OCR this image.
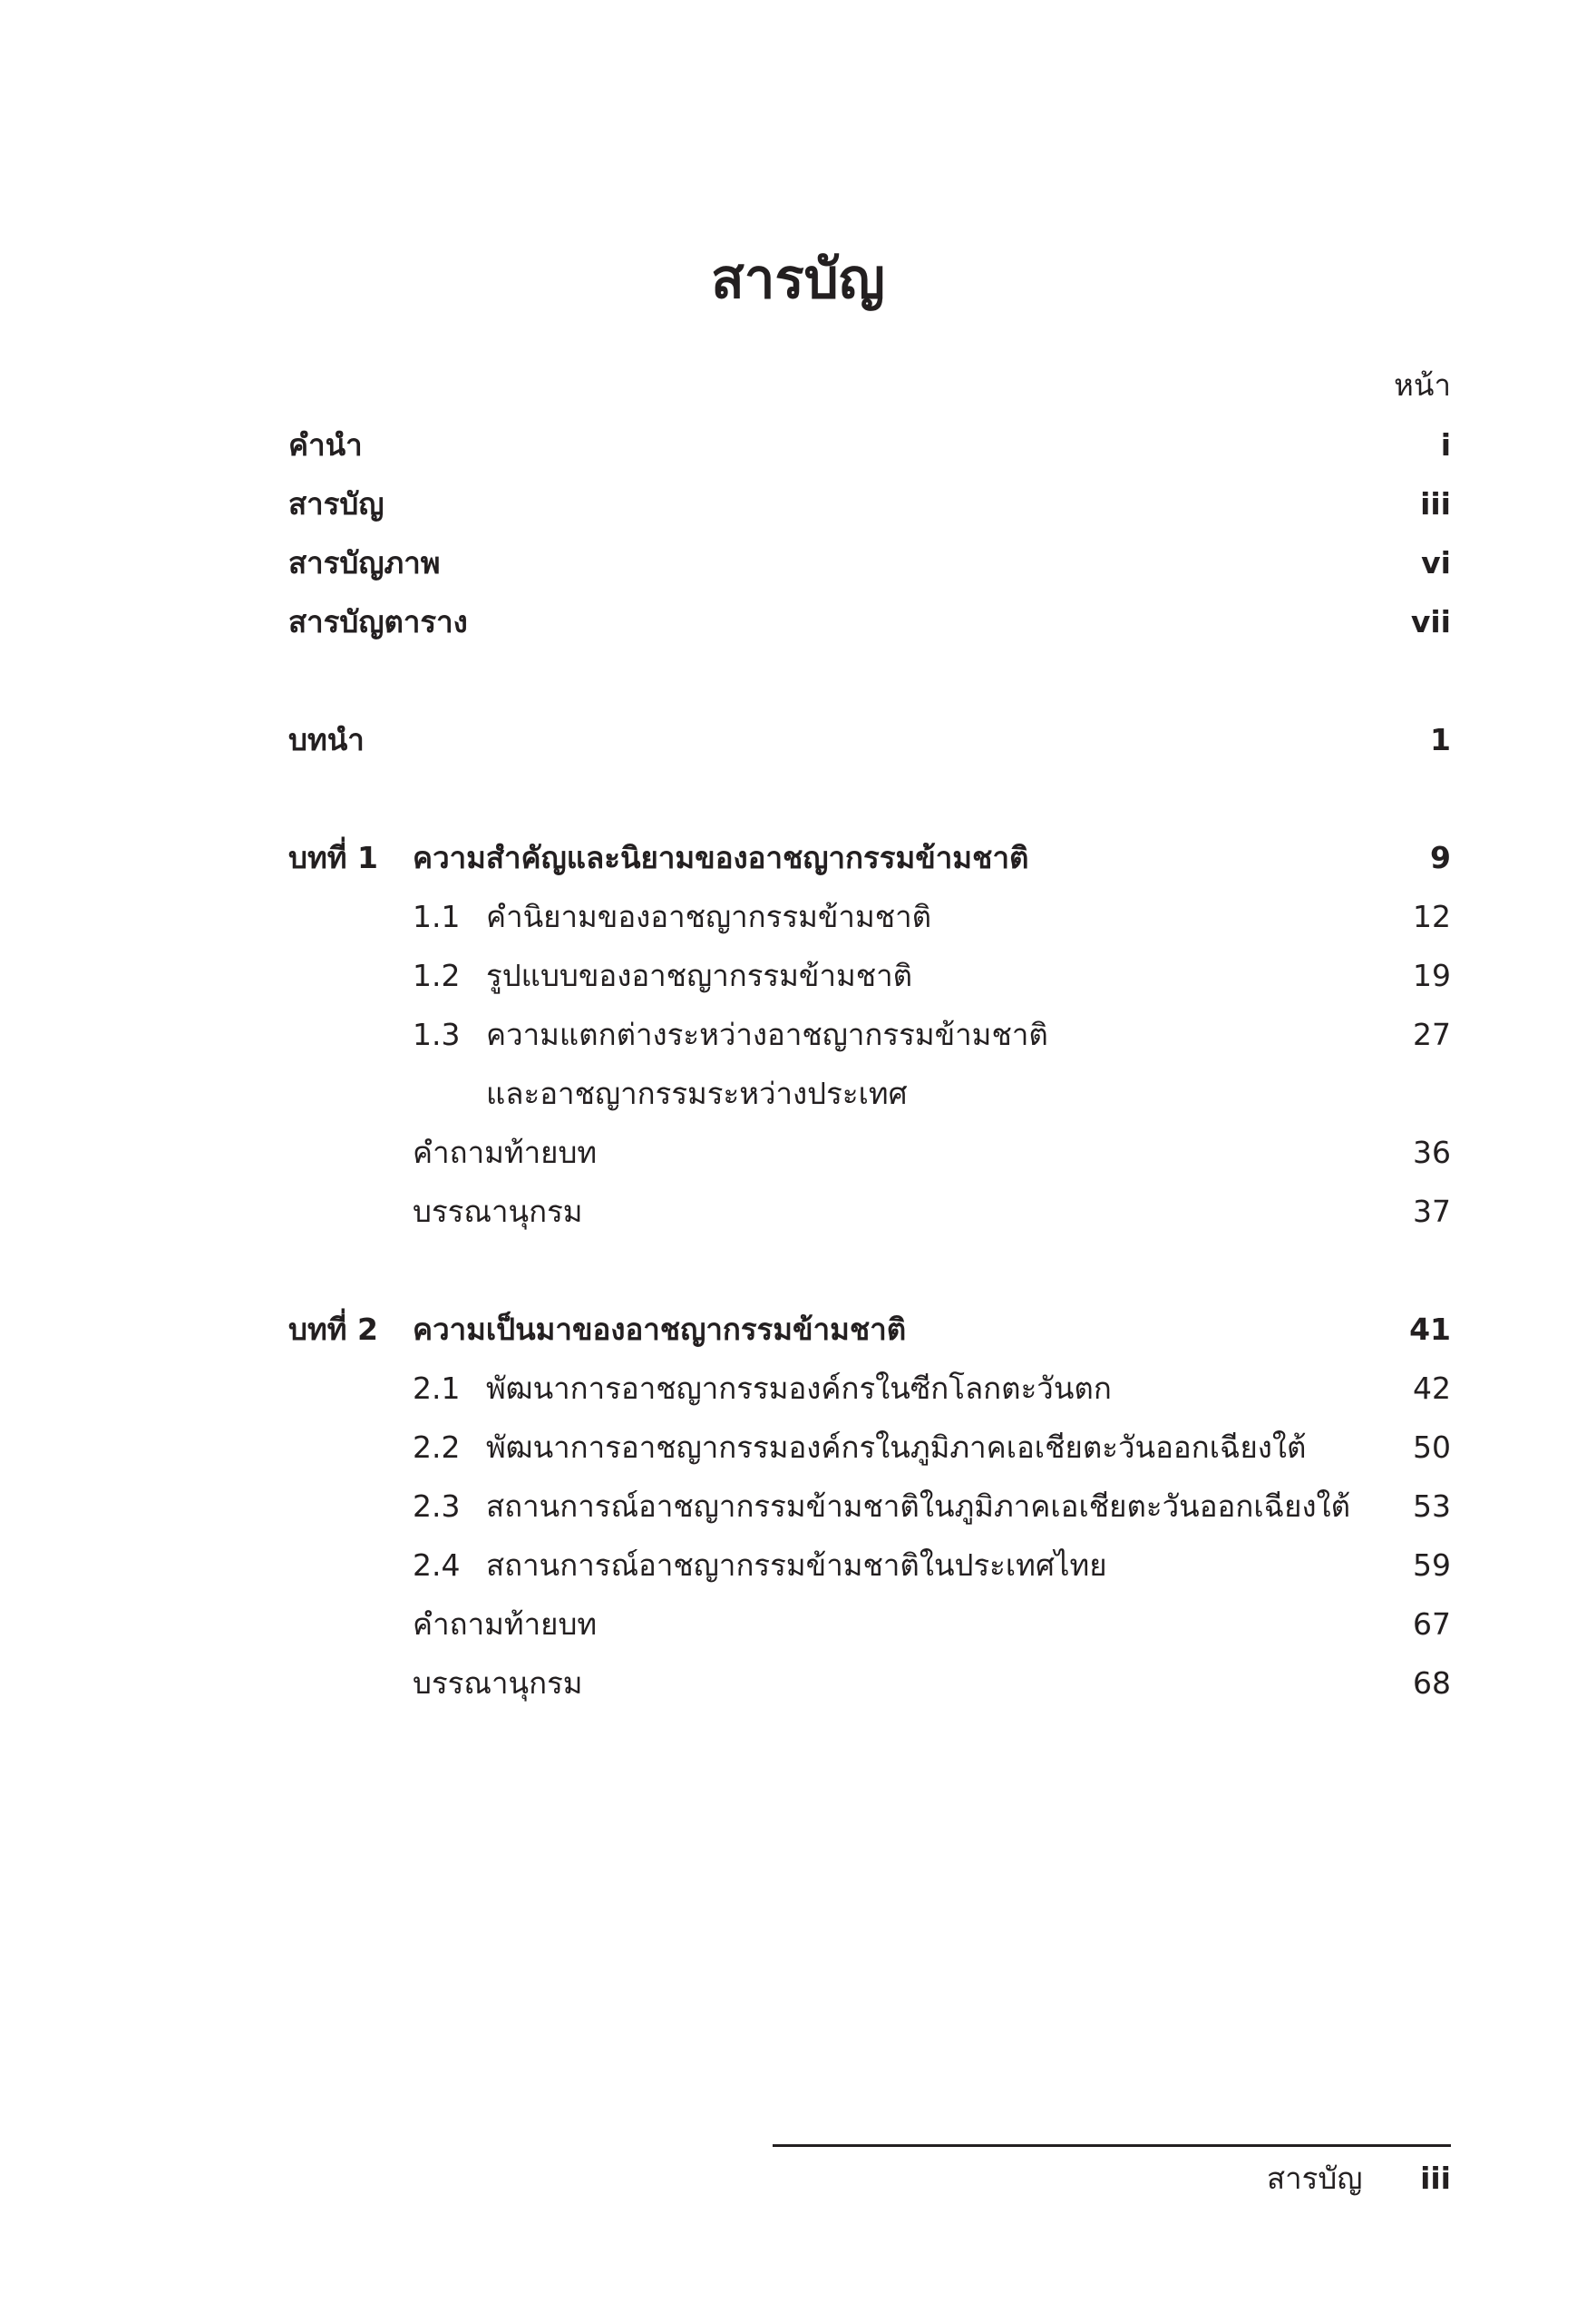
สารบัญ
หน้า
คำนำ	i
สารบัญ	iii
สารบัญภาพ	vi
สารบัญตาราง	vii
บทนำ	1
บทที่ 1 ความสำคัญและนิยามของอาชญากรรมข้ามชาติ	9
1.1 คำนิยามของอาชญากรรมข้ามชาติ	12
1.2 รูปแบบของอาชญากรรมข้ามชาติ	19
1.3 ความแตกต่างระหว่างอาชญากรรมข้ามชาติ	27
และอาชญากรรมระหว่างประเทศ
คำถามท้ายบท	36
บรรณานุกรม	37
บทที่ 2 ความเป็นมาของอาชญากรรมข้ามชาติ	41
2.1 พัฒนาการอาชญากรรมองค์กรในซีกโลกตะวันตก	42
2.2 พัฒนาการอาชญากรรมองค์กรในภูมิภาคเอเชียตะวันออกเฉียงใต้	50
2.3 สถานการณ์อาชญากรรมข้ามชาติในภูมิภาคเอเชียตะวันออกเฉียงใต้ 53
2.4 สถานการณ์อาชญากรรมข้ามชาติในประเทศไทย	59
คำถามท้ายบท	67
บรรณานุกรม	68
สารบัญ iii
